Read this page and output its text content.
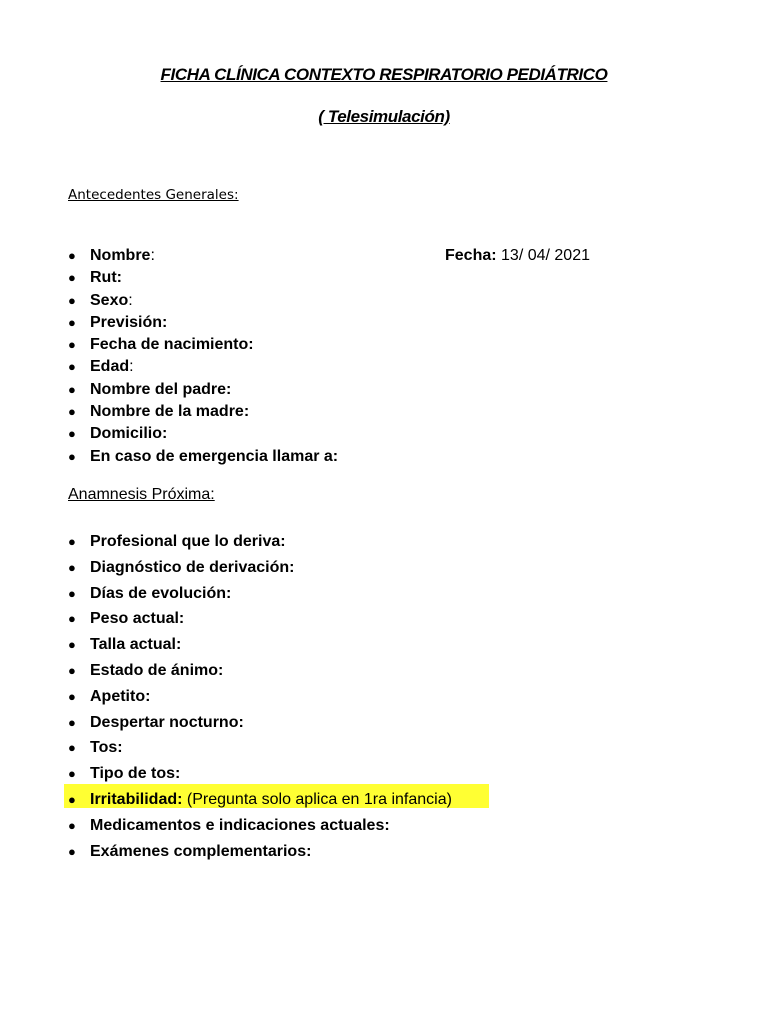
FICHA CLÍNICA CONTEXTO RESPIRATORIO PEDIÁTRICO
( Telesimulación)
Antecedentes Generales:
Fecha: 13/ 04/ 2021
● Nombre:
● Rut:
● Sexo:
● Previsión:
● Fecha de nacimiento:
● Edad:
● Nombre del padre:
● Nombre de la madre:
● Domicilio:
● En caso de emergencia llamar a:
Anamnesis Próxima:
● Profesional que lo deriva:
● Diagnóstico de derivación:
● Días de evolución:
● Peso actual:
● Talla actual:
● Estado de ánimo:
● Apetito:
● Despertar nocturno:
● Tos:
● Tipo de tos:
● Irritabilidad: (Pregunta solo aplica en 1ra infancia)
● Medicamentos e indicaciones actuales:
● Exámenes complementarios:
